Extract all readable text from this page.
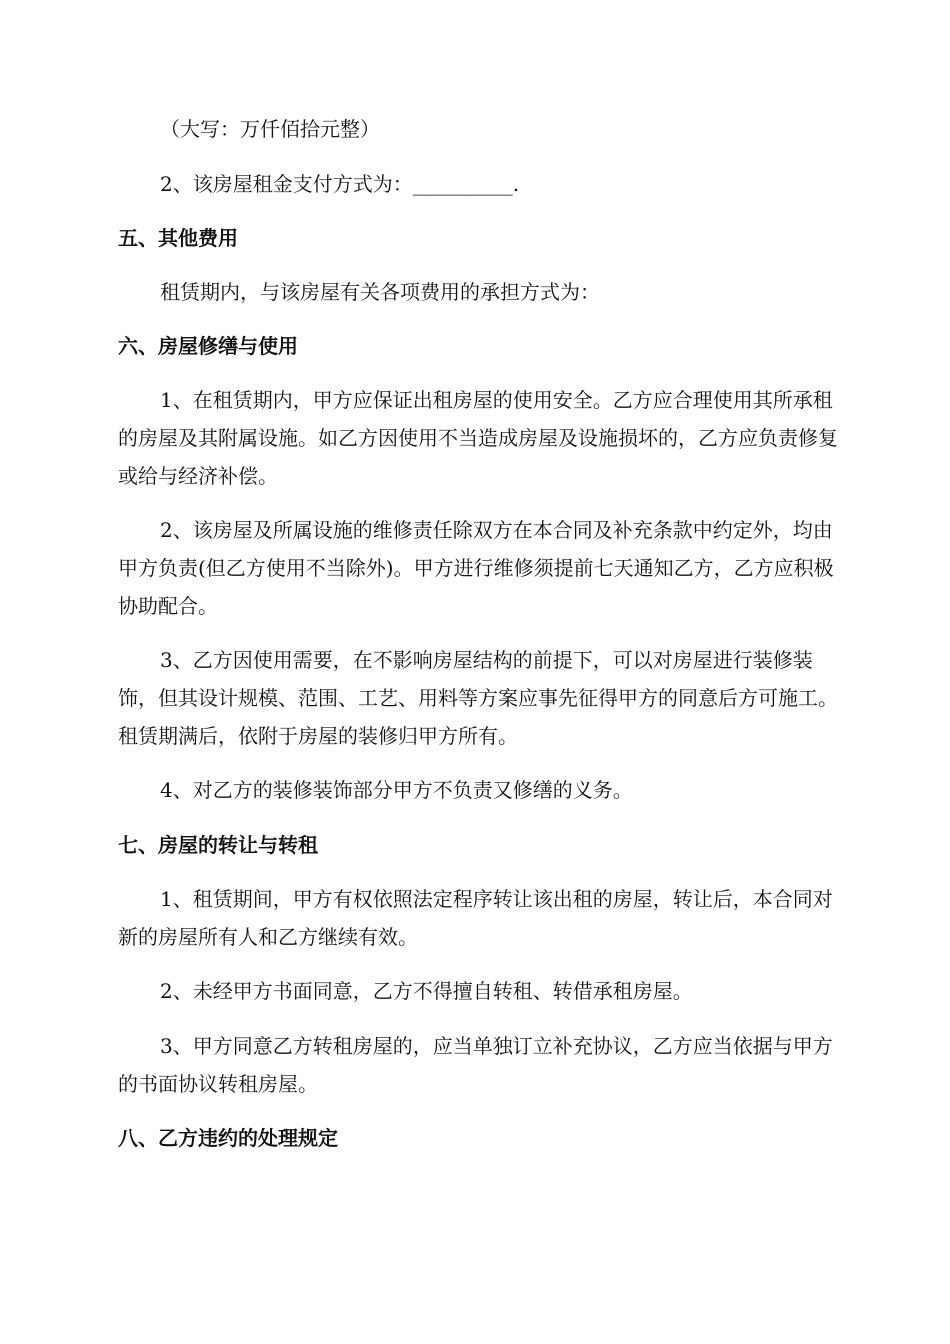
（大写：万仟佰拾元整）

2、该房屋租金支付方式为：__________.

五、其他费用

租赁期内，与该房屋有关各项费用的承担方式为：

六、房屋修缮与使用

1、在租赁期内，甲方应保证出租房屋的使用安全。乙方应合理使用其所承租的房屋及其附属设施。如乙方因使用不当造成房屋及设施损坏的，乙方应负责修复或给与经济补偿。

2、该房屋及所属设施的维修责任除双方在本合同及补充条款中约定外，均由甲方负责(但乙方使用不当除外)。甲方进行维修须提前七天通知乙方，乙方应积极协助配合。

3、乙方因使用需要，在不影响房屋结构的前提下，可以对房屋进行装修装饰，但其设计规模、范围、工艺、用料等方案应事先征得甲方的同意后方可施工。租赁期满后，依附于房屋的装修归甲方所有。

4、对乙方的装修装饰部分甲方不负责又修缮的义务。

七、房屋的转让与转租

1、租赁期间，甲方有权依照法定程序转让该出租的房屋，转让后，本合同对新的房屋所有人和乙方继续有效。

2、未经甲方书面同意，乙方不得擅自转租、转借承租房屋。

3、甲方同意乙方转租房屋的，应当单独订立补充协议，乙方应当依据与甲方的书面协议转租房屋。

八、乙方违约的处理规定
